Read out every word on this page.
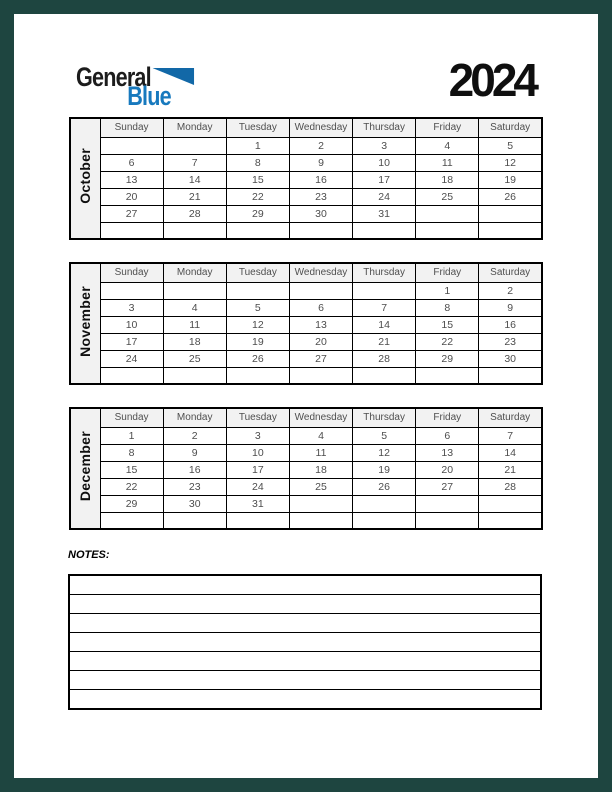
General
Blue	2024
October	Sunday	Monday	Tuesday	Wednesday	Thursday	Friday	Saturday
			1	2	3	4	5
	6	7	8	9	10	11	12
	13	14	15	16	17	18	19
	20	21	22	23	24	25	26
	27	28	29	30	31		

November	Sunday	Monday	Tuesday	Wednesday	Thursday	Friday	Saturday
						1	2
	3	4	5	6	7	8	9
	10	11	12	13	14	15	16
	17	18	19	20	21	22	23
	24	25	26	27	28	29	30

December	Sunday	Monday	Tuesday	Wednesday	Thursday	Friday	Saturday
	1	2	3	4	5	6	7
	8	9	10	11	12	13	14
	15	16	17	18	19	20	21
	22	23	24	25	26	27	28
	29	30	31				

NOTES:
